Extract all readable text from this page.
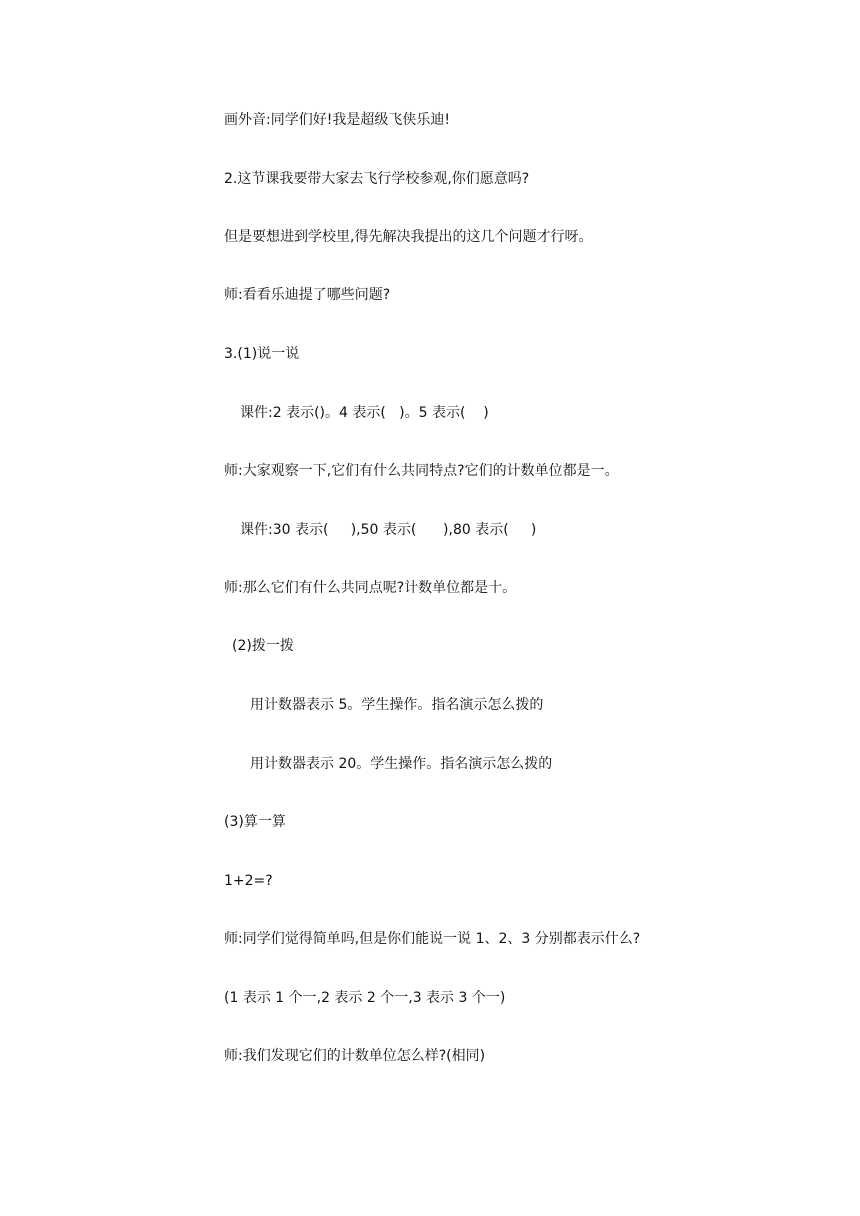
画外音:同学们好!我是超级飞侠乐迪!
2.这节课我要带大家去飞行学校参观,你们愿意吗?
但是要想进到学校里,得先解决我提出的这几个问题才行呀。
师:看看乐迪提了哪些问题?
3.(1)说一说
课件:2 表示()。4 表示(   )。5 表示(    )
师:大家观察一下,它们有什么共同特点?它们的计数单位都是一。
课件:30 表示(     ),50 表示(      ),80 表示(     )
师:那么它们有什么共同点呢?计数单位都是十。
(2)拨一拨
用计数器表示 5。学生操作。指名演示怎么拨的
用计数器表示 20。学生操作。指名演示怎么拨的
(3)算一算
1+2=?
师:同学们觉得简单吗,但是你们能说一说 1、2、3 分别都表示什么?
(1 表示 1 个一,2 表示 2 个一,3 表示 3 个一)
师:我们发现它们的计数单位怎么样?(相同)
